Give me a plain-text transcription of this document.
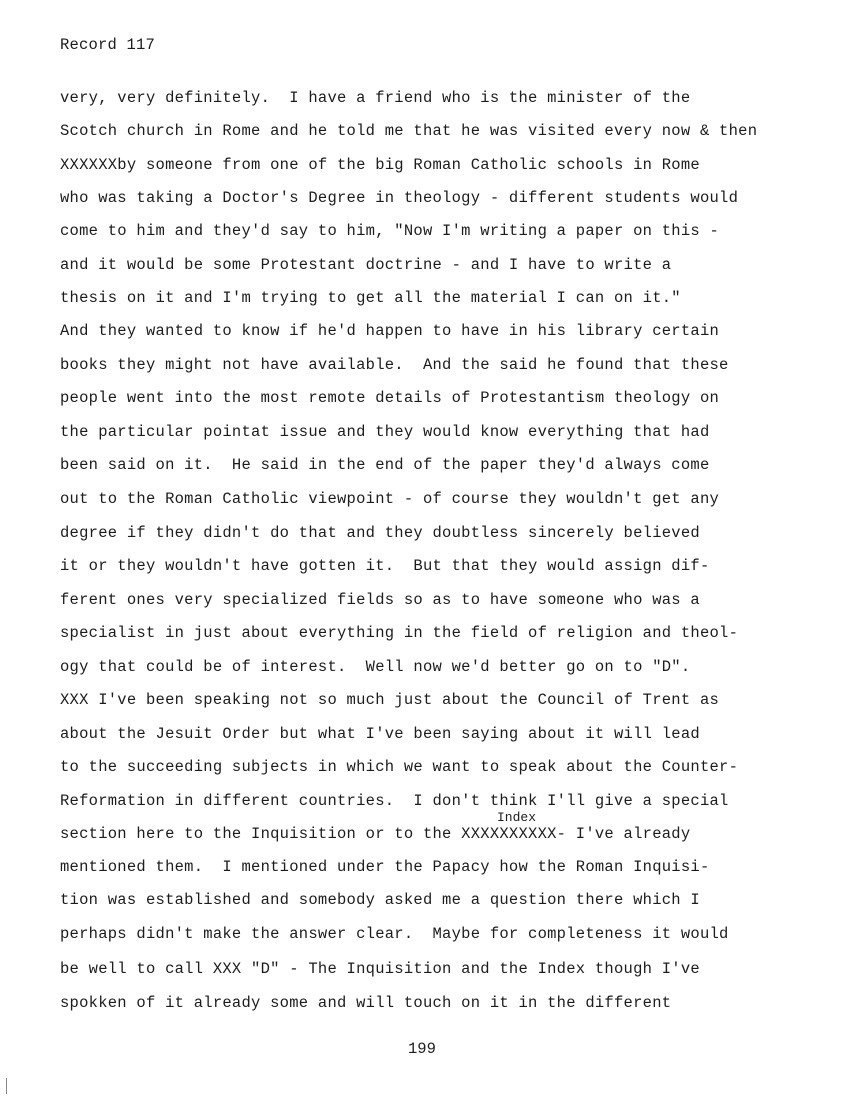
Record 117
very, very definitely.  I have a friend who is the minister of the
Scotch church in Rome and he told me that he was visited every now & then
XXXXXXby someone from one of the big Roman Catholic schools in Rome
who was taking a Doctor's Degree in theology - different students would
come to him and they'd say to him, "Now I'm writing a paper on this -
and it would be some Protestant doctrine - and I have to write a
thesis on it and I'm trying to get all the material I can on it."
And they wanted to know if he'd happen to have in his library certain
books they might not have available.  And the said he found that these
people went into the most remote details of Protestantism theology on
the particular pointat issue and they would know everything that had
been said on it.  He said in the end of the paper they'd always come
out to the Roman Catholic viewpoint - of course they wouldn't get any
degree if they didn't do that and they doubtless sincerely believed
it or they wouldn't have gotten it.  But that they would assign dif-
ferent ones very specialized fields so as to have someone who was a
specialist in just about everything in the field of religion and theol-
ogy that could be of interest.  Well now we'd better go on to "D".
XXX I've been speaking not so much just about the Council of Trent as
about the Jesuit Order but what I've been saying about it will lead
to the succeeding subjects in which we want to speak about the Counter-
Reformation in different countries.  I don't think I'll give a special
Index
section here to the Inquisition or to the XXXXXXXXXX- I've already
mentioned them.  I mentioned under the Papacy how the Roman Inquisi-
tion was established and somebody asked me a question there which I
perhaps didn't make the answer clear.  Maybe for completeness it would
be well to call XXX "D" - The Inquisition and the Index though I've
spokken of it already some and will touch on it in the different
199
